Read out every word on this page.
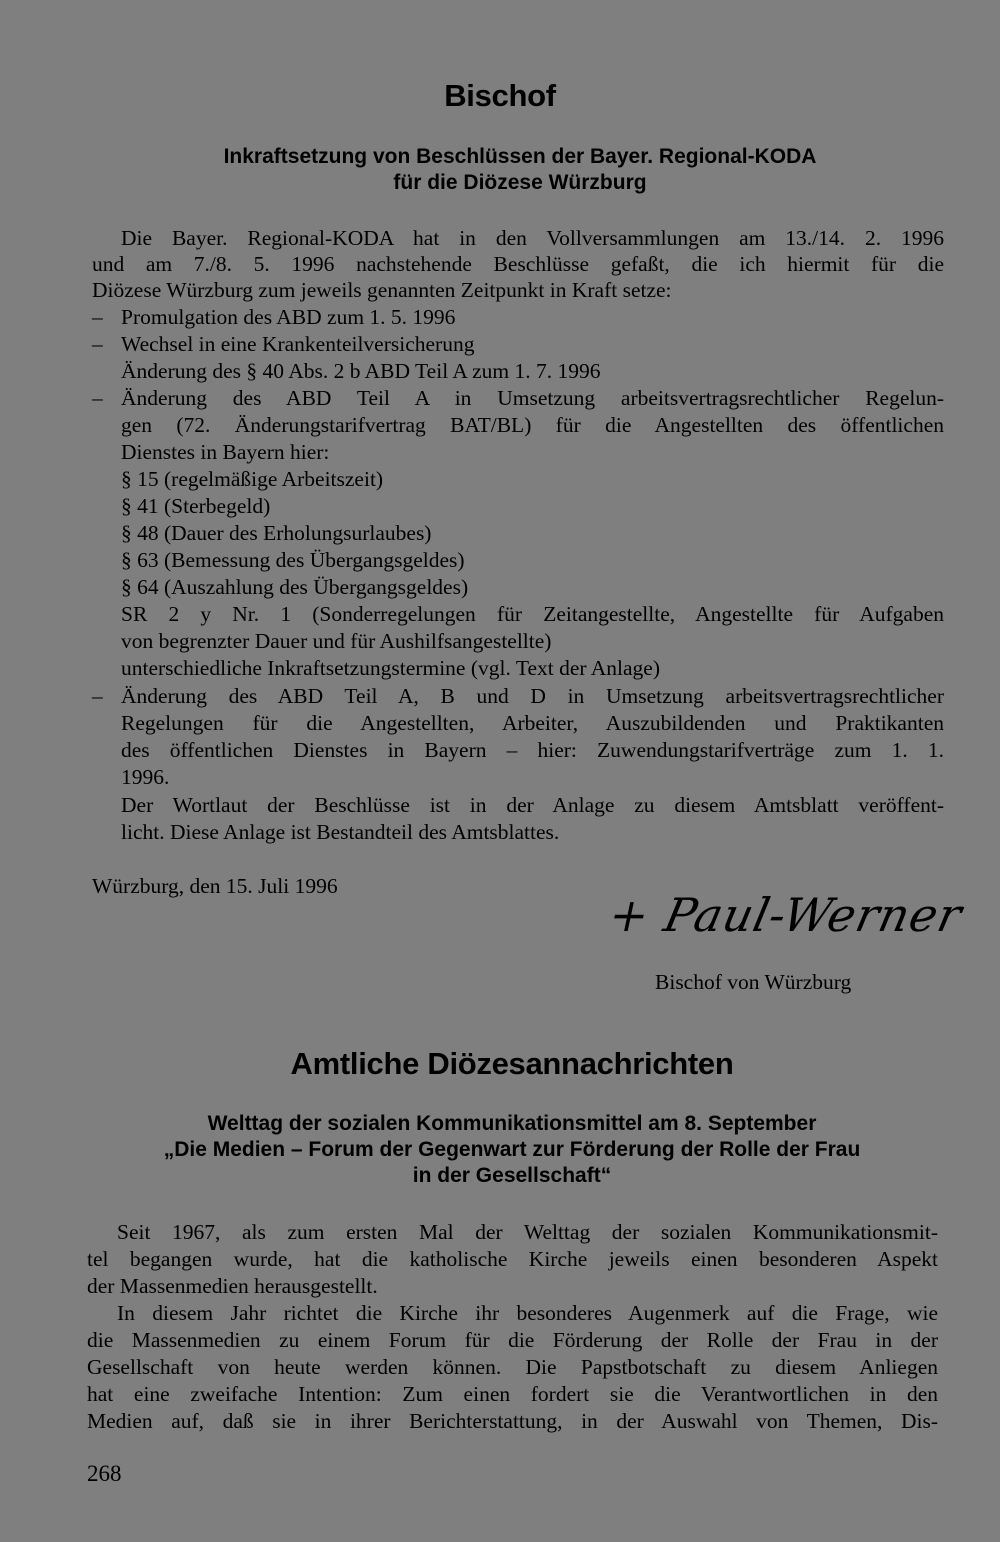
Bischof
Inkraftsetzung von Beschlüssen der Bayer. Regional-KODA
für die Diözese Würzburg
Die Bayer. Regional-KODA hat in den Vollversammlungen am 13./14. 2. 1996
und am 7./8. 5. 1996 nachstehende Beschlüsse gefaßt, die ich hiermit für die
Diözese Würzburg zum jeweils genannten Zeitpunkt in Kraft setze:
– Promulgation des ABD zum 1. 5. 1996
– Wechsel in eine Krankenteilversicherung
Änderung des § 40 Abs. 2 b ABD Teil A zum 1. 7. 1996
– Änderung des ABD Teil A in Umsetzung arbeitsvertragsrechtlicher Regelun-
gen (72. Änderungstarifvertrag BAT/BL) für die Angestellten des öffentlichen
Dienstes in Bayern hier:
§ 15 (regelmäßige Arbeitszeit)
§ 41 (Sterbegeld)
§ 48 (Dauer des Erholungsurlaubes)
§ 63 (Bemessung des Übergangsgeldes)
§ 64 (Auszahlung des Übergangsgeldes)
SR 2 y Nr. 1 (Sonderregelungen für Zeitangestellte, Angestellte für Aufgaben
von begrenzter Dauer und für Aushilfsangestellte)
unterschiedliche Inkraftsetzungstermine (vgl. Text der Anlage)
– Änderung des ABD Teil A, B und D in Umsetzung arbeitsvertragsrechtlicher
Regelungen für die Angestellten, Arbeiter, Auszubildenden und Praktikanten
des öffentlichen Dienstes in Bayern – hier: Zuwendungstarifverträge zum 1. 1.
1996.
Der Wortlaut der Beschlüsse ist in der Anlage zu diesem Amtsblatt veröffent-
licht. Diese Anlage ist Bestandteil des Amtsblattes.
Würzburg, den 15. Juli 1996
+ Paul-Werner
Bischof von Würzburg
Amtliche Diözesannachrichten
Welttag der sozialen Kommunikationsmittel am 8. September
„Die Medien – Forum der Gegenwart zur Förderung der Rolle der Frau
in der Gesellschaft“
Seit 1967, als zum ersten Mal der Welttag der sozialen Kommunikationsmit-
tel begangen wurde, hat die katholische Kirche jeweils einen besonderen Aspekt
der Massenmedien herausgestellt.
In diesem Jahr richtet die Kirche ihr besonderes Augenmerk auf die Frage, wie
die Massenmedien zu einem Forum für die Förderung der Rolle der Frau in der
Gesellschaft von heute werden können. Die Papstbotschaft zu diesem Anliegen
hat eine zweifache Intention: Zum einen fordert sie die Verantwortlichen in den
Medien auf, daß sie in ihrer Berichterstattung, in der Auswahl von Themen, Dis-
268
